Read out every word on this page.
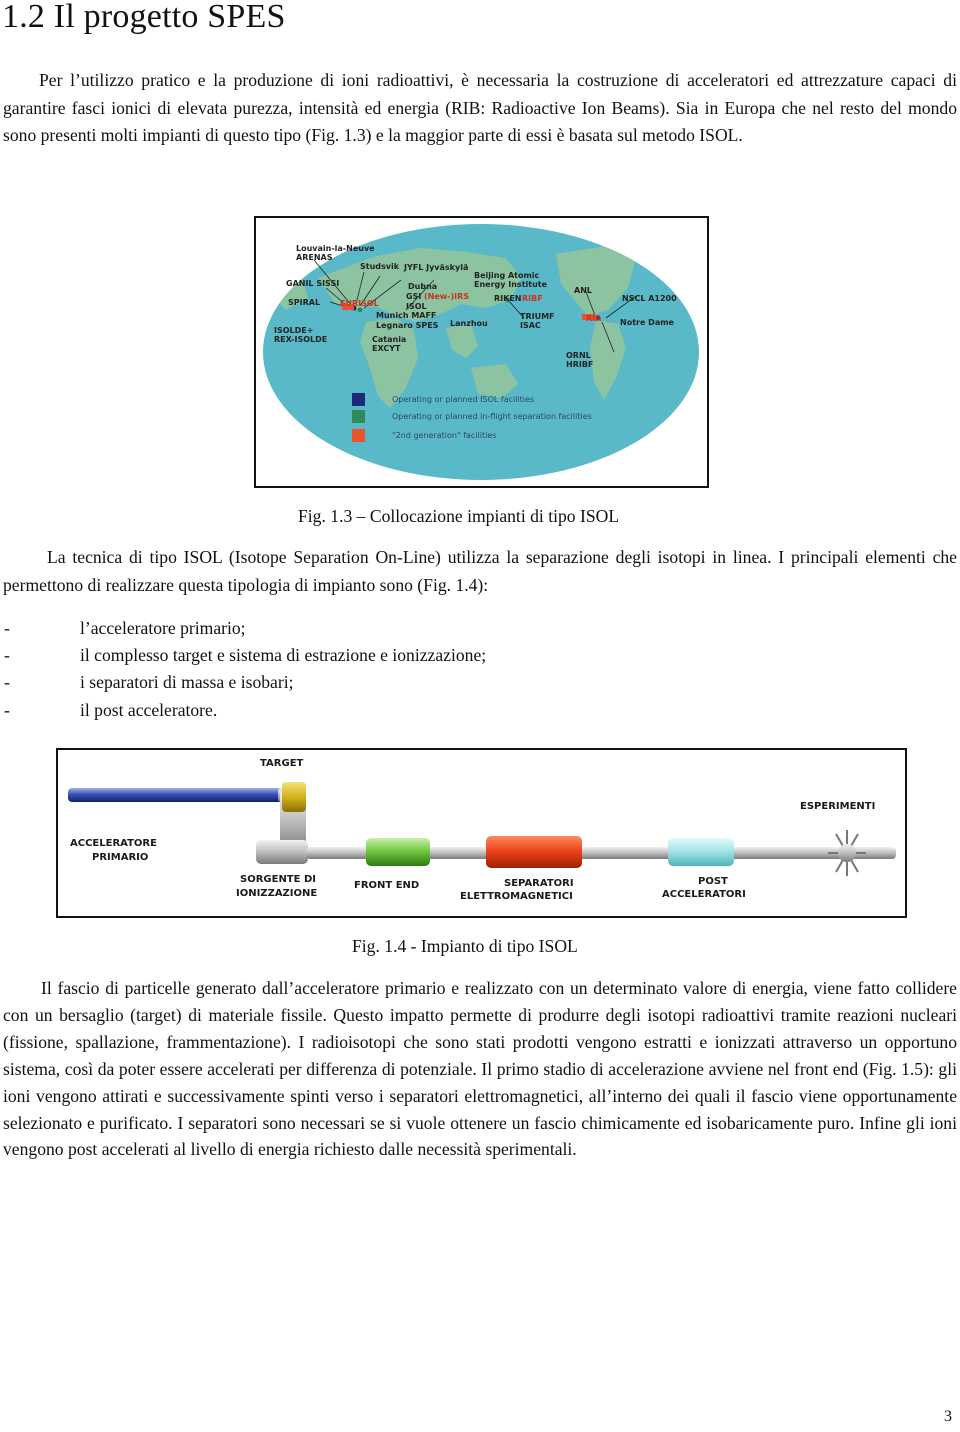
1.2 Il progetto SPES

Per l’utilizzo pratico e la produzione di ioni radioattivi, è necessaria la costruzione di acceleratori ed attrezzature capaci di garantire fasci ionici di elevata purezza, intensità ed energia (RIB: Radioactive Ion Beams). Sia in Europa che nel resto del mondo sono presenti molti impianti di questo tipo (Fig. 1.3) e la maggior parte di essi è basata sul metodo ISOL.

Louvain-la-Neuve
ARENAS
Studsvik JYFL Jyväskylä
Beijing Atomic
Energy Institute
GANIL SISSI	Dubna	ANL
SPIRAL EURISOL
GSI (New-)IRS	RIKEN RIBF	NSCL A1200
ISOL
Munich MAFF
Legnaro SPES Lanzhou
TRIUMF
ISAC
RIA Notre Dame
ISOLDE+
REX-ISOLDE	Catania
EXCYT
ORNL
HRIBF
Operating or planned ISOL facilities
Operating or planned in-flight separation facilities
"2nd generation" facilities

Fig. 1.3 – Collocazione impianti di tipo ISOL

La tecnica di tipo ISOL (Isotope Separation On-Line) utilizza la separazione degli isotopi in linea. I principali elementi che permettono di realizzare questa tipologia di impianto sono (Fig. 1.4):

-	l’acceleratore primario;
-	il complesso target e sistema di estrazione e ionizzazione;
-	i separatori di massa e isobari;
-	il post acceleratore.
TARGET
ESPERIMENTI
ACCELERATORE
PRIMARIO
SORGENTE DI
IONIZZAZIONE
FRONT END	SEPARATORI
ELETTROMAGNETICI
POST
ACCELERATORI

Fig. 1.4 - Impianto di tipo ISOL

Il fascio di particelle generato dall’acceleratore primario e realizzato con un determinato valore di energia, viene fatto collidere con un bersaglio (target) di materiale fissile. Questo impatto permette di produrre degli isotopi radioattivi tramite reazioni nucleari (fissione, spallazione, frammentazione). I radioisotopi che sono stati prodotti vengono estratti e ionizzati attraverso un opportuno sistema, così da poter essere accelerati per differenza di potenziale. Il primo stadio di accelerazione avviene nel front end (Fig. 1.5): gli ioni vengono attirati e successivamente spinti verso i separatori elettromagnetici, all’interno dei quali il fascio viene opportunamente selezionato e purificato. I separatori sono necessari se si vuole ottenere un fascio chimicamente ed isobaricamente puro. Infine gli ioni vengono post accelerati al livello di energia richiesto dalle necessità sperimentali.

3
